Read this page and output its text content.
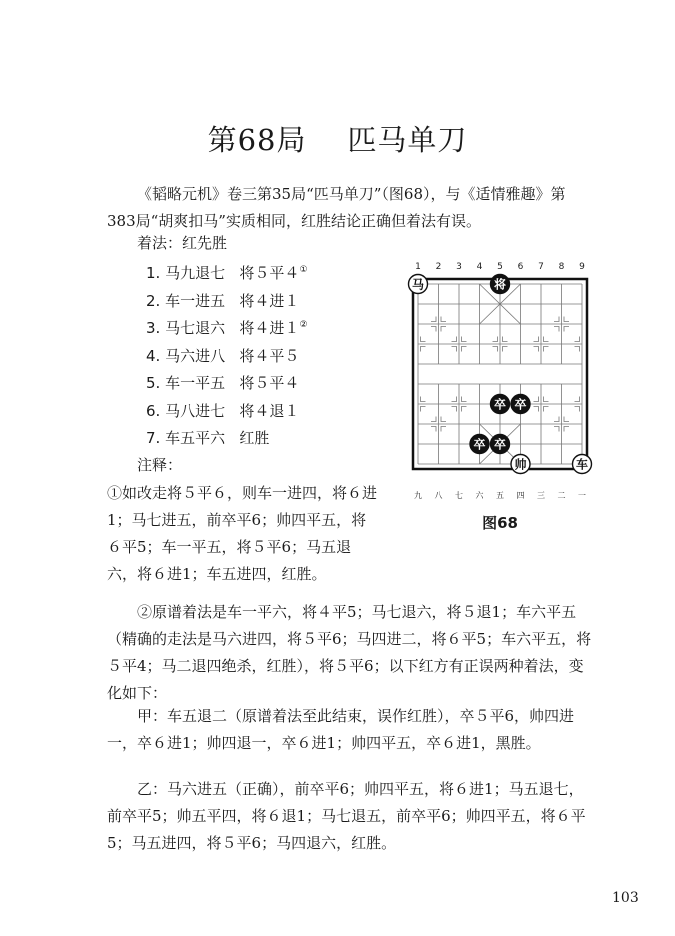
第68局    匹马单刀

《韬略元机》卷三第35局“匹马单刀”（图68），与《适情雅趣》第383局“胡爽扣马”实质相同，红胜结论正确但着法有误。

着法：红先胜
1. 马九退七 将５平４①
2. 车一进五 将４进１
3. 马七退六 将４进１②
4. 马六进八 将４平５
5. 车一平五 将５平４
6. 马八进七 将４退１
7. 车五平六 红胜
注释：
①如改走将５平６，则车一进四，将６进1；马七进五，前卒平6；帅四平五，将６平5；车一平五，将５平6；马五退六，将６进1；车五进四，红胜。

②原谱着法是车一平六，将４平5；马七退六，将５退1；车六平五（精确的走法是马六进四，将５平6；马四进二，将６平5；车六平五，将５平4；马二退四绝杀，红胜），将５平6；以下红方有正误两种着法，变化如下：

甲：车五退二（原谱着法至此结束，误作红胜），卒５平6，帅四进一，卒６进1；帅四退一，卒６进1；帅四平五，卒６进1，黑胜。

乙：马六进五（正确），前卒平6；帅四平五，将６进1；马五退七，前卒平5；帅五平四，将６退1；马七退五，前卒平6；帅四平五，将６平5；马五进四，将５平6；马四退六，红胜。

1 2 3 4 5 6 7 8 9
九 八 七 六 五 四 三 二 一
马	将
卒 卒
卒 卒
帅	车
图68
103
